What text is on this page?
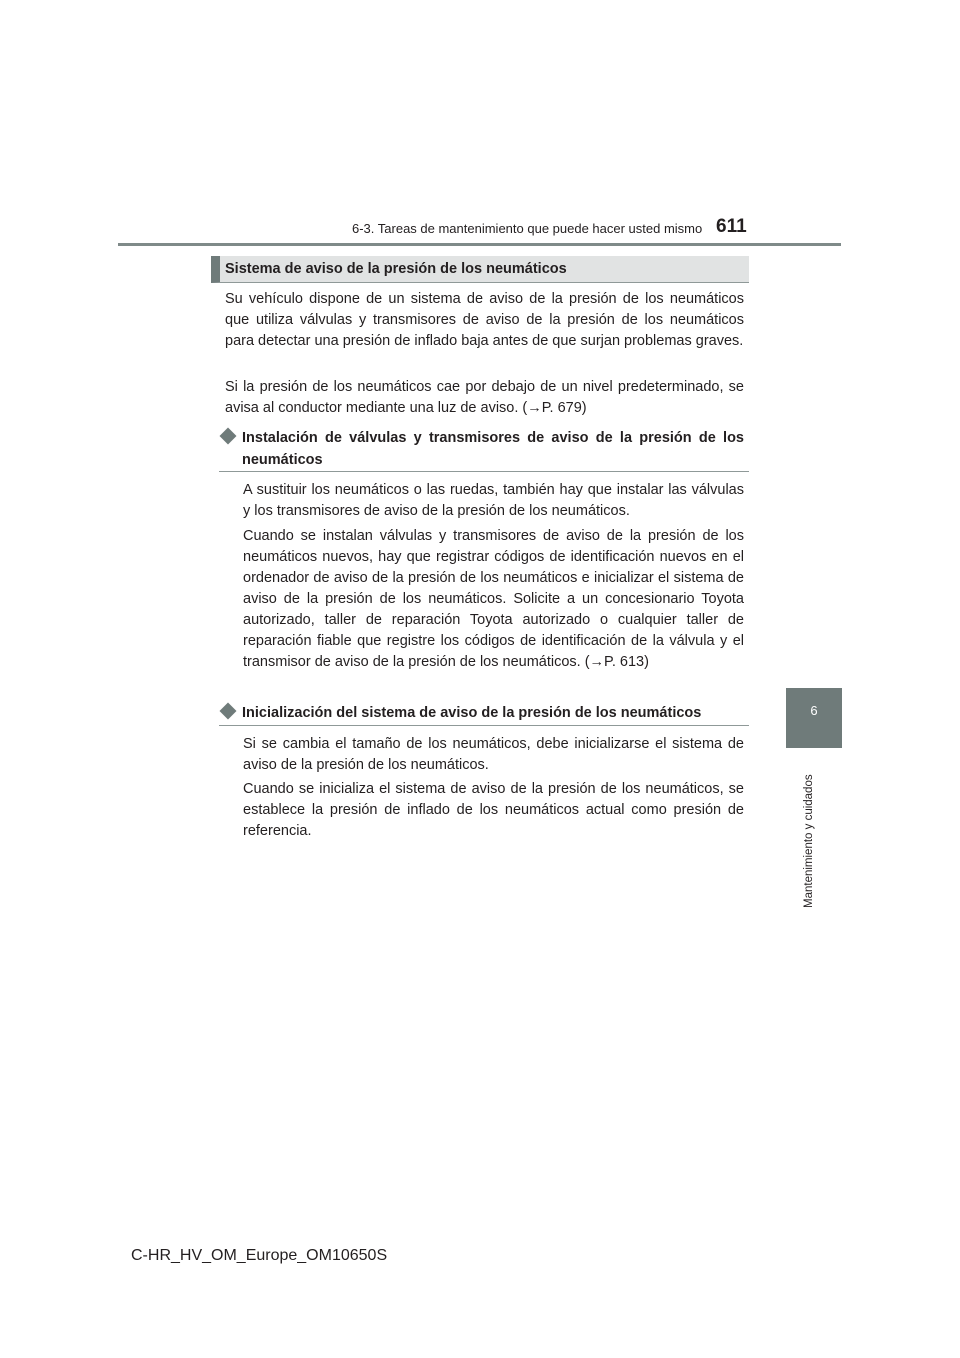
6-3. Tareas de mantenimiento que puede hacer usted mismo 611
6
Mantenimiento y cuidados
Sistema de aviso de la presión de los neumáticos

Su vehículo dispone de un sistema de aviso de la presión de los neumáticos que utiliza válvulas y transmisores de aviso de la presión de los neumáticos para detectar una presión de inflado baja antes de que surjan problemas graves.

Si la presión de los neumáticos cae por debajo de un nivel predeterminado, se avisa al conductor mediante una luz de aviso. (→P. 679)

Instalación de válvulas y transmisores de aviso de la presión de los neumáticos

A sustituir los neumáticos o las ruedas, también hay que instalar las válvulas y los transmisores de aviso de la presión de los neumáticos.

Cuando se instalan válvulas y transmisores de aviso de la presión de los neumáticos nuevos, hay que registrar códigos de identificación nuevos en el ordenador de aviso de la presión de los neumáticos e inicializar el sistema de aviso de la presión de los neumáticos. Solicite a un concesionario Toyota autorizado, taller de reparación Toyota autorizado o cualquier taller de reparación fiable que registre los códigos de identificación de la válvula y el transmisor de aviso de la presión de los neumáticos. (→P. 613)

Inicialización del sistema de aviso de la presión de los neumáticos

Si se cambia el tamaño de los neumáticos, debe inicializarse el sistema de aviso de la presión de los neumáticos.

Cuando se inicializa el sistema de aviso de la presión de los neumáticos, se establece la presión de inflado de los neumáticos actual como presión de referencia.

C-HR_HV_OM_Europe_OM10650S
